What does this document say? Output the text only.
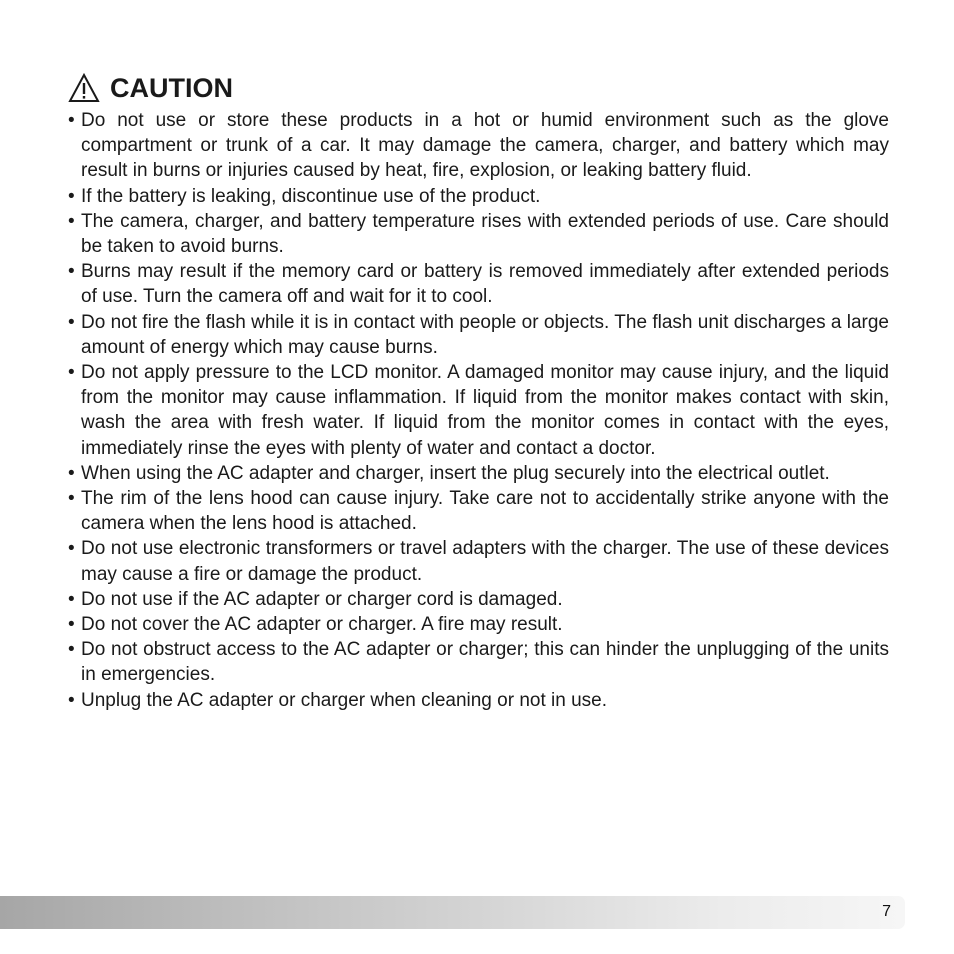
CAUTION
• Do not use or store these products in a hot or humid environment such as the glove compartment or trunk of a car. It may damage the camera, charger, and battery which may result in burns or injuries caused by heat, fire, explosion, or leaking battery fluid.
• If the battery is leaking, discontinue use of the product.
• The camera, charger, and battery temperature rises with extended periods of use. Care should be taken to avoid burns.
• Burns may result if the memory card or battery is removed immediately after extended periods of use. Turn the camera off and wait for it to cool.
• Do not fire the flash while it is in contact with people or objects. The flash unit discharges a large amount of energy which may cause burns.
• Do not apply pressure to the LCD monitor. A damaged monitor may cause injury, and the liquid from the monitor may cause inflammation. If liquid from the monitor makes contact with skin, wash the area with fresh water. If liquid from the monitor comes in contact with the eyes, immediately rinse the eyes with plenty of water and contact a doctor.
• When using the AC adapter and charger, insert the plug securely into the electrical outlet.
• The rim of the lens hood can cause injury. Take care not to accidentally strike anyone with the camera when the lens hood is attached.
• Do not use electronic transformers or travel adapters with the charger. The use of these devices may cause a fire or damage the product.
• Do not use if the AC adapter or charger cord is damaged.
• Do not cover the AC adapter or charger. A fire may result.
• Do not obstruct access to the AC adapter or charger; this can hinder the unplugging of the units in emergencies.
• Unplug the AC adapter or charger when cleaning or not in use.
7
